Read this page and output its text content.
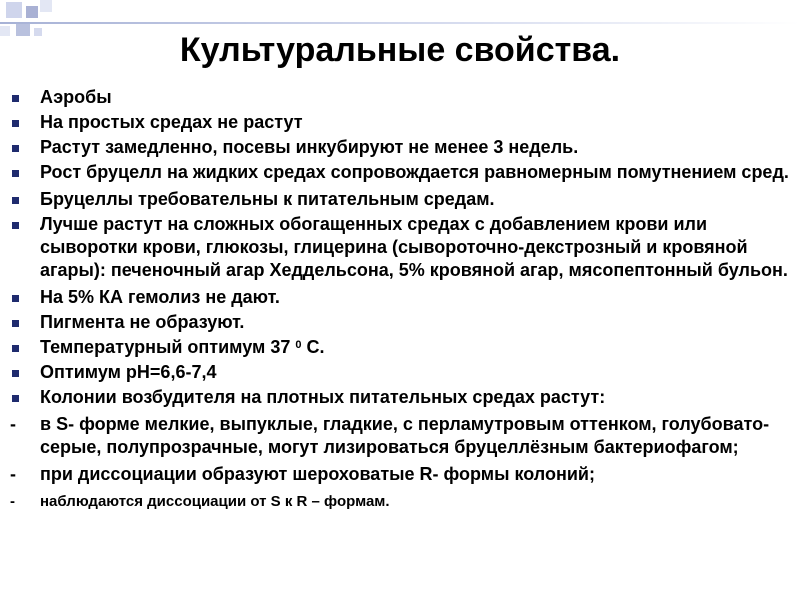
Культуральные свойства.
Аэробы
На простых средах не растут
Растут замедленно, посевы инкубируют не менее 3 недель.
Рост бруцелл на жидких средах сопровождается равномерным помутнением сред.
Бруцеллы требовательны к питательным средам.
Лучше растут на сложных обогащенных средах с добавлением крови или сыворотки крови, глюкозы, глицерина (сывороточно-декстрозный и кровяной агары): печеночный агар Хеддельсона, 5% кровяной агар, мясопептонный бульон.
На 5% КА гемолиз не дают.
Пигмента не образуют.
Температурный оптимум 37 $^0$ С.
Оптимум рН=6,6-7,4
Колонии возбудителя на плотных питательных средах растут:
-	в S- форме мелкие, выпуклые, гладкие, с перламутровым оттенком, голубовато-серые, полупрозрачные, могут лизироваться бруцеллёзным бактериофагом;
-	при диссоциации образуют шероховатые R- формы колоний;
-	наблюдаются диссоциации от S к R – формам.
